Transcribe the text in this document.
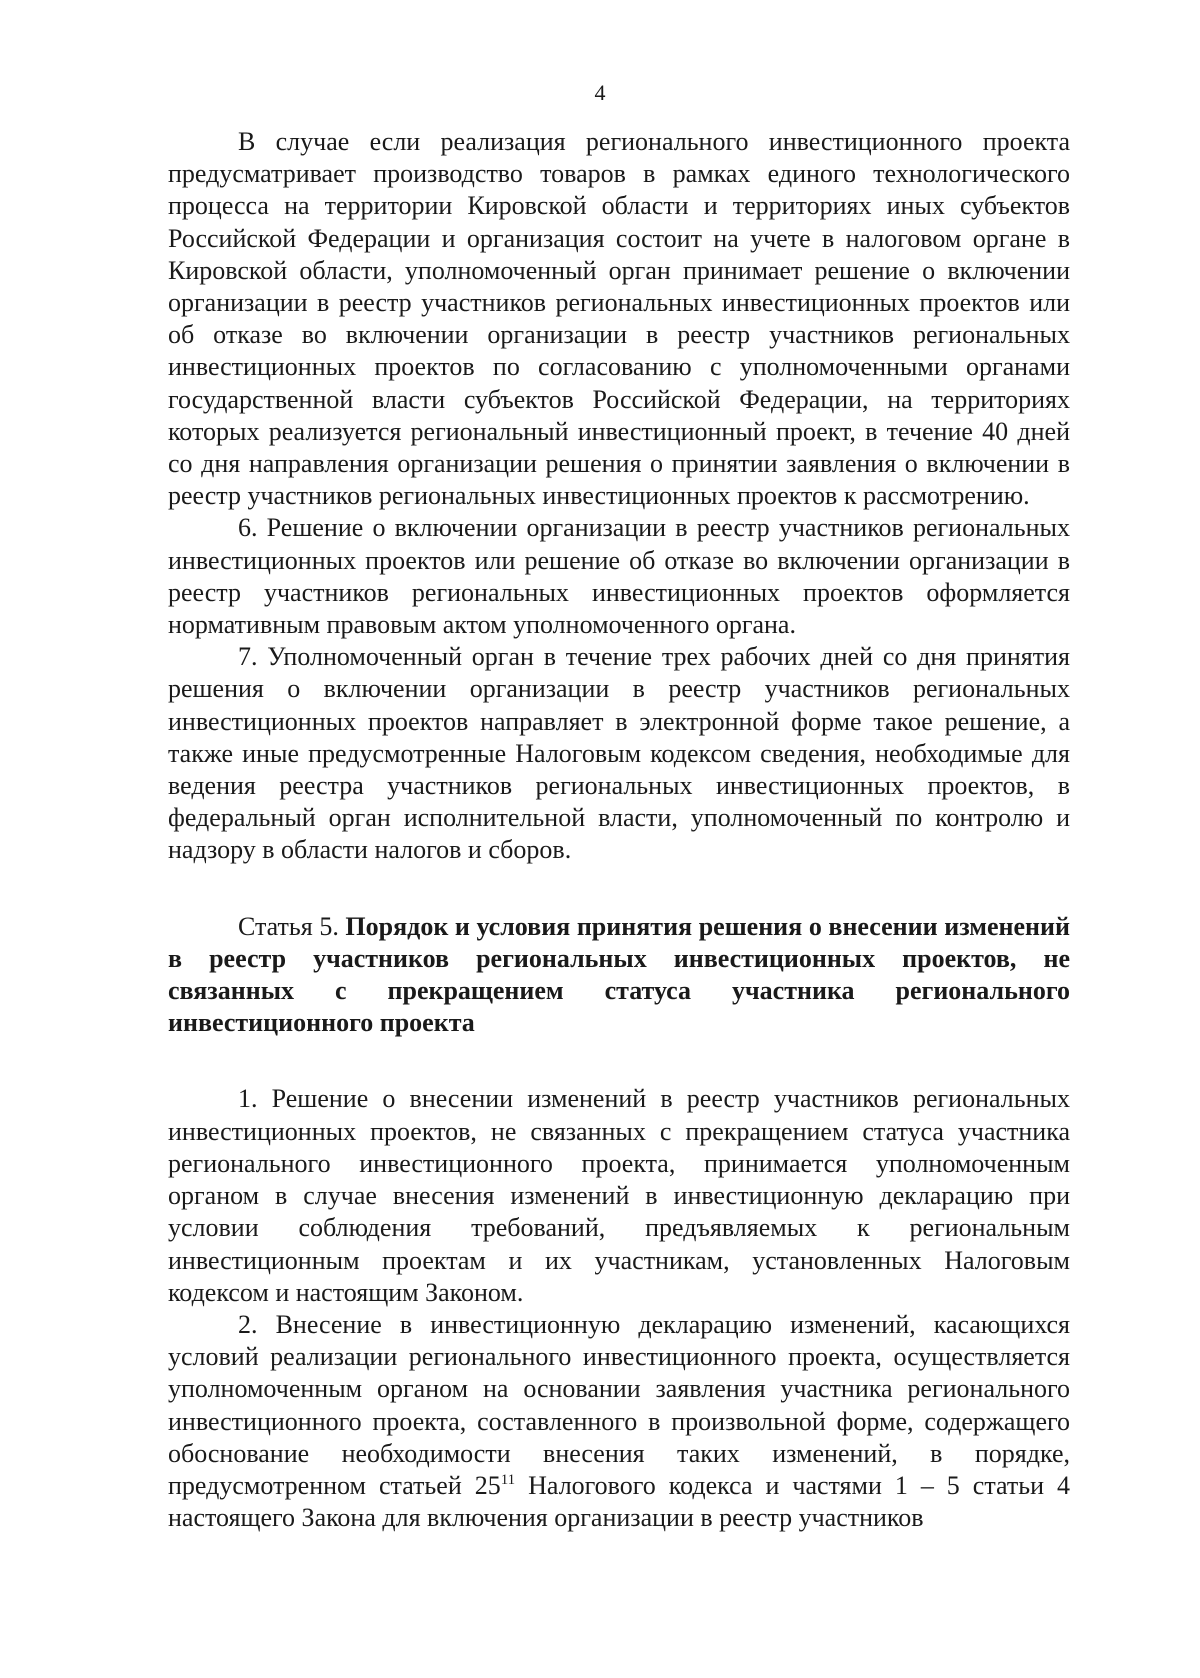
4

В случае если реализация регионального инвестиционного проекта предусматривает производство товаров в рамках единого технологического процесса на территории Кировской области и территориях иных субъектов Российской Федерации и организация состоит на учете в налоговом органе в Кировской области, уполномоченный орган принимает решение о включении организации в реестр участников региональных инвестиционных проектов или об отказе во включении организации в реестр участников региональных инвестиционных проектов по согласованию с уполномоченными органами государственной власти субъектов Российской Федерации, на территориях которых реализуется региональный инвестиционный проект, в течение 40 дней со дня направления организации решения о принятии заявления о включении в реестр участников региональных инвестиционных проектов к рассмотрению.

6. Решение о включении организации в реестр участников региональных инвестиционных проектов или решение об отказе во включении организации в реестр участников региональных инвестиционных проектов оформляется нормативным правовым актом уполномоченного органа.

7. Уполномоченный орган в течение трех рабочих дней со дня принятия решения о включении организации в реестр участников региональных инвестиционных проектов направляет в электронной форме такое решение, а также иные предусмотренные Налоговым кодексом сведения, необходимые для ведения реестра участников региональных инвестиционных проектов, в федеральный орган исполнительной власти, уполномоченный по контролю и надзору в области налогов и сборов.

Статья 5. Порядок и условия принятия решения о внесении изменений в реестр участников региональных инвестиционных проектов, не связанных с прекращением статуса участника регионального инвестиционного проекта

1. Решение о внесении изменений в реестр участников региональных инвестиционных проектов, не связанных с прекращением статуса участника регионального инвестиционного проекта, принимается уполномоченным органом в случае внесения изменений в инвестиционную декларацию при условии соблюдения требований, предъявляемых к региональным инвестиционным проектам и их участникам, установленных Налоговым кодексом и настоящим Законом.

2. Внесение в инвестиционную декларацию изменений, касающихся условий реализации регионального инвестиционного проекта, осуществляется уполномоченным органом на основании заявления участника регионального инвестиционного проекта, составленного в произвольной форме, содержащего обоснование необходимости внесения таких изменений, в порядке, предусмотренном статьей $25^{11}$ Налогового кодекса и частями 1 – 5 статьи 4 настоящего Закона для включения организации в реестр участников
